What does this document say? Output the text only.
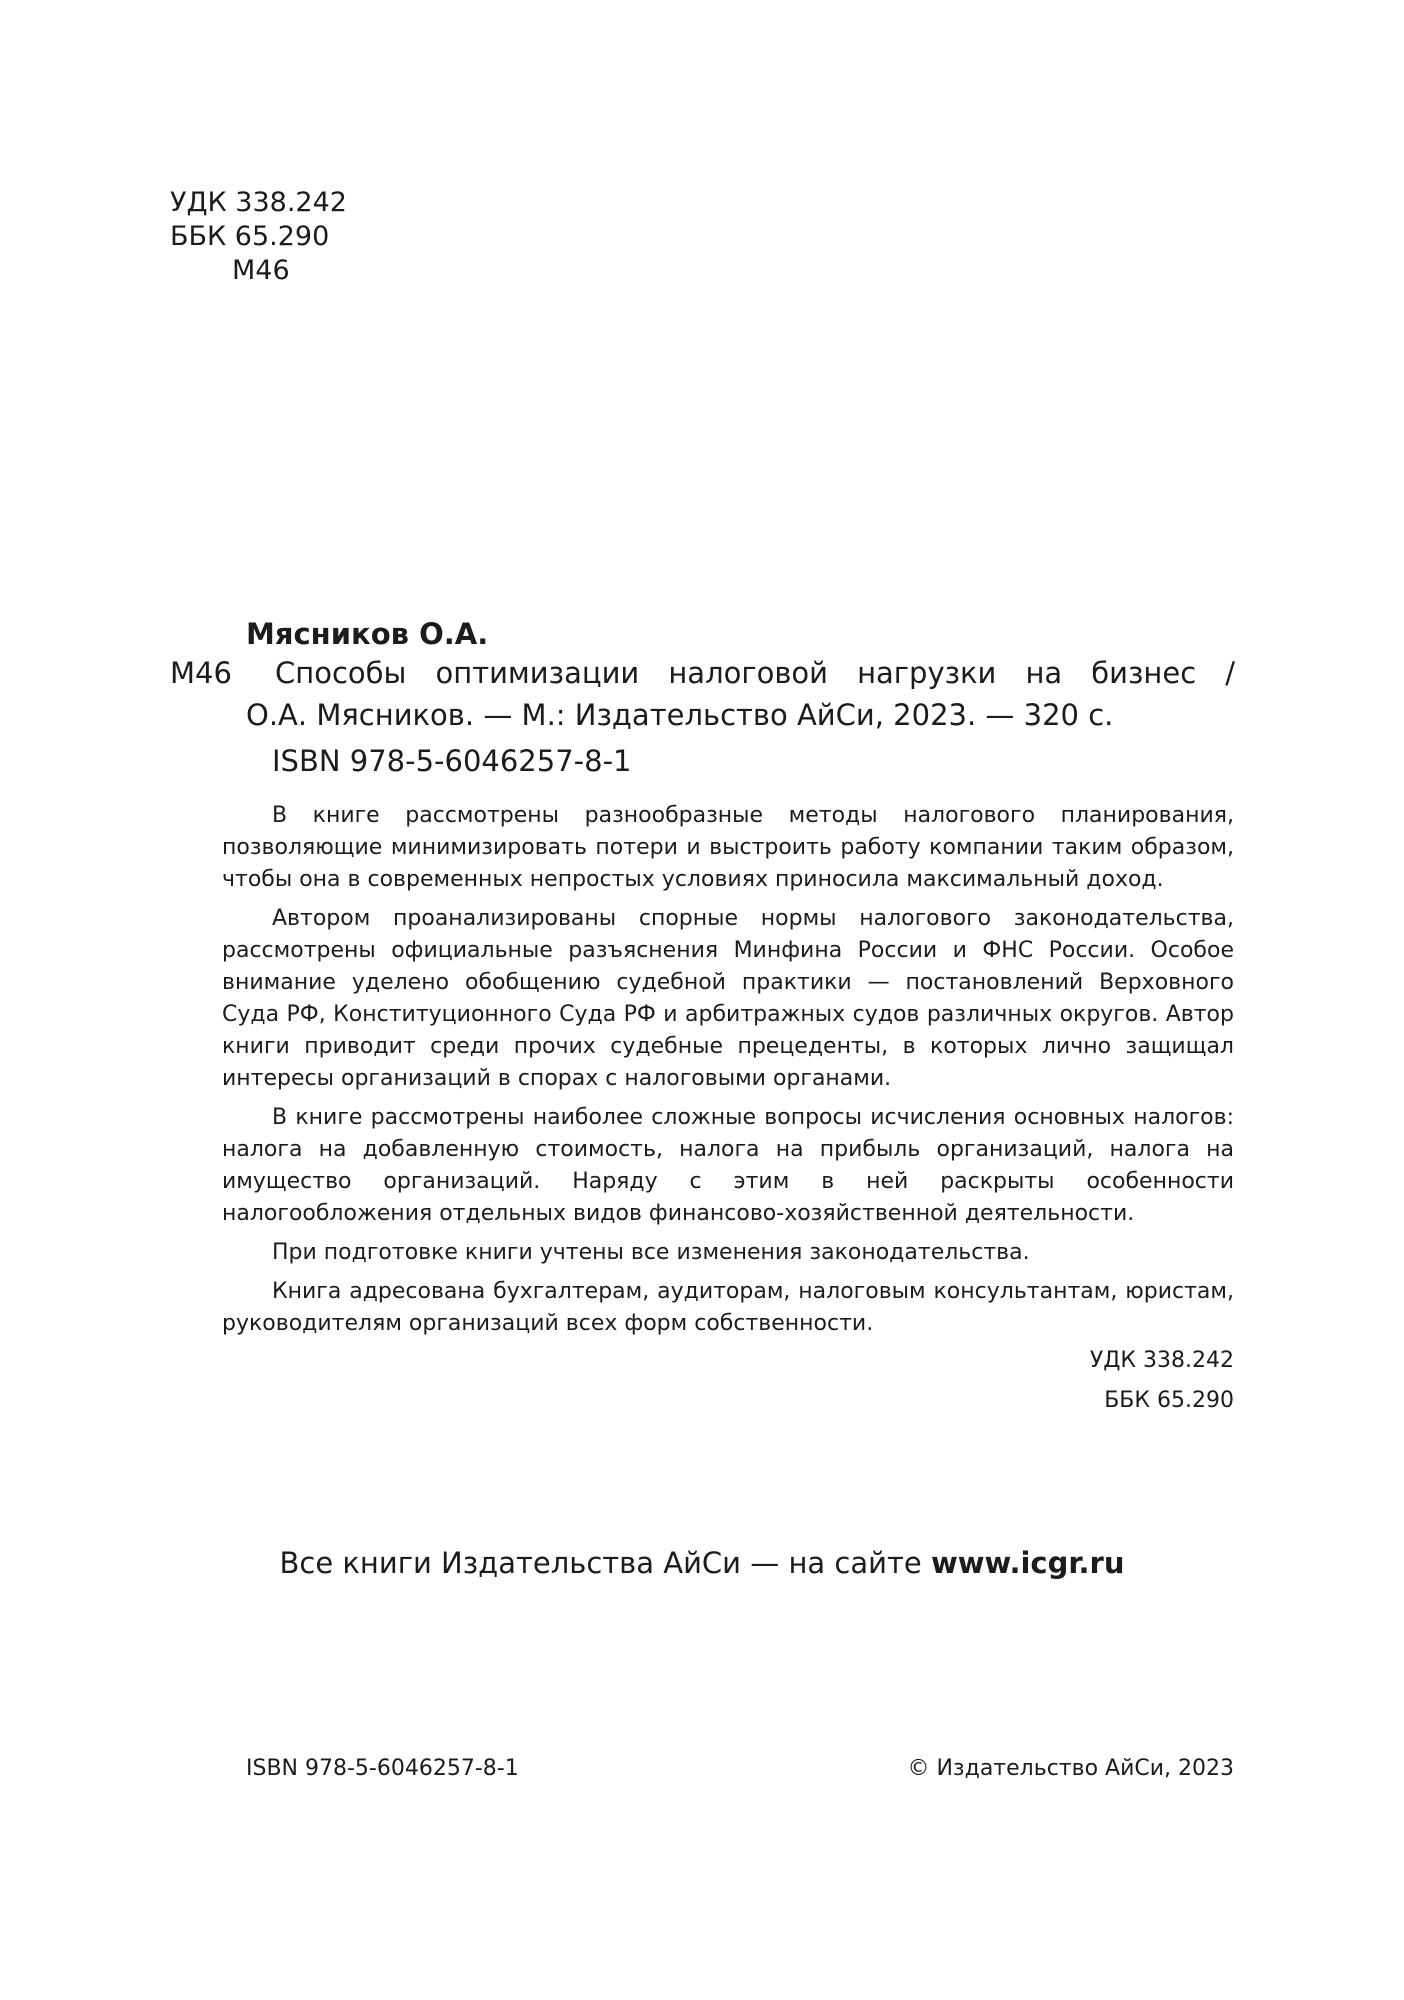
УДК 338.242
ББК 65.290
М46
Мясников О.А.
М46 Способы оптимизации налоговой нагрузки на бизнес /
О.А. Мясников. — М.: Издательство АйСи, 2023. — 320 с.
ISBN 978-5-6046257-8-1

В книге рассмотрены разнообразные методы налогового планирования, позволяющие минимизировать потери и выстроить работу компании таким образом, чтобы она в современных непростых условиях приносила максимальный доход.

Автором проанализированы спорные нормы налогового законодательства, рассмотрены официальные разъяснения Минфина России и ФНС России. Особое внимание уделено обобщению судебной практики — постановлений Верховного Суда РФ, Конституционного Суда РФ и арбитражных судов различных округов. Автор книги приводит среди прочих судебные прецеденты, в которых лично защищал интересы организаций в спорах с налоговыми органами.

В книге рассмотрены наиболее сложные вопросы исчисления основных налогов: налога на добавленную стоимость, налога на прибыль организаций, налога на имущество организаций. Наряду с этим в ней раскрыты особенности налогообложения отдельных видов финансово-хозяйственной деятельности.

При подготовке книги учтены все изменения законодательства.

Книга адресована бухгалтерам, аудиторам, налоговым консультантам, юристам, руководителям организаций всех форм собственности.

УДК 338.242
ББК 65.290
Все книги Издательства АйСи — на сайте www.icgr.ru
ISBN 978-5-6046257-8-1	© Издательство АйСи, 2023
